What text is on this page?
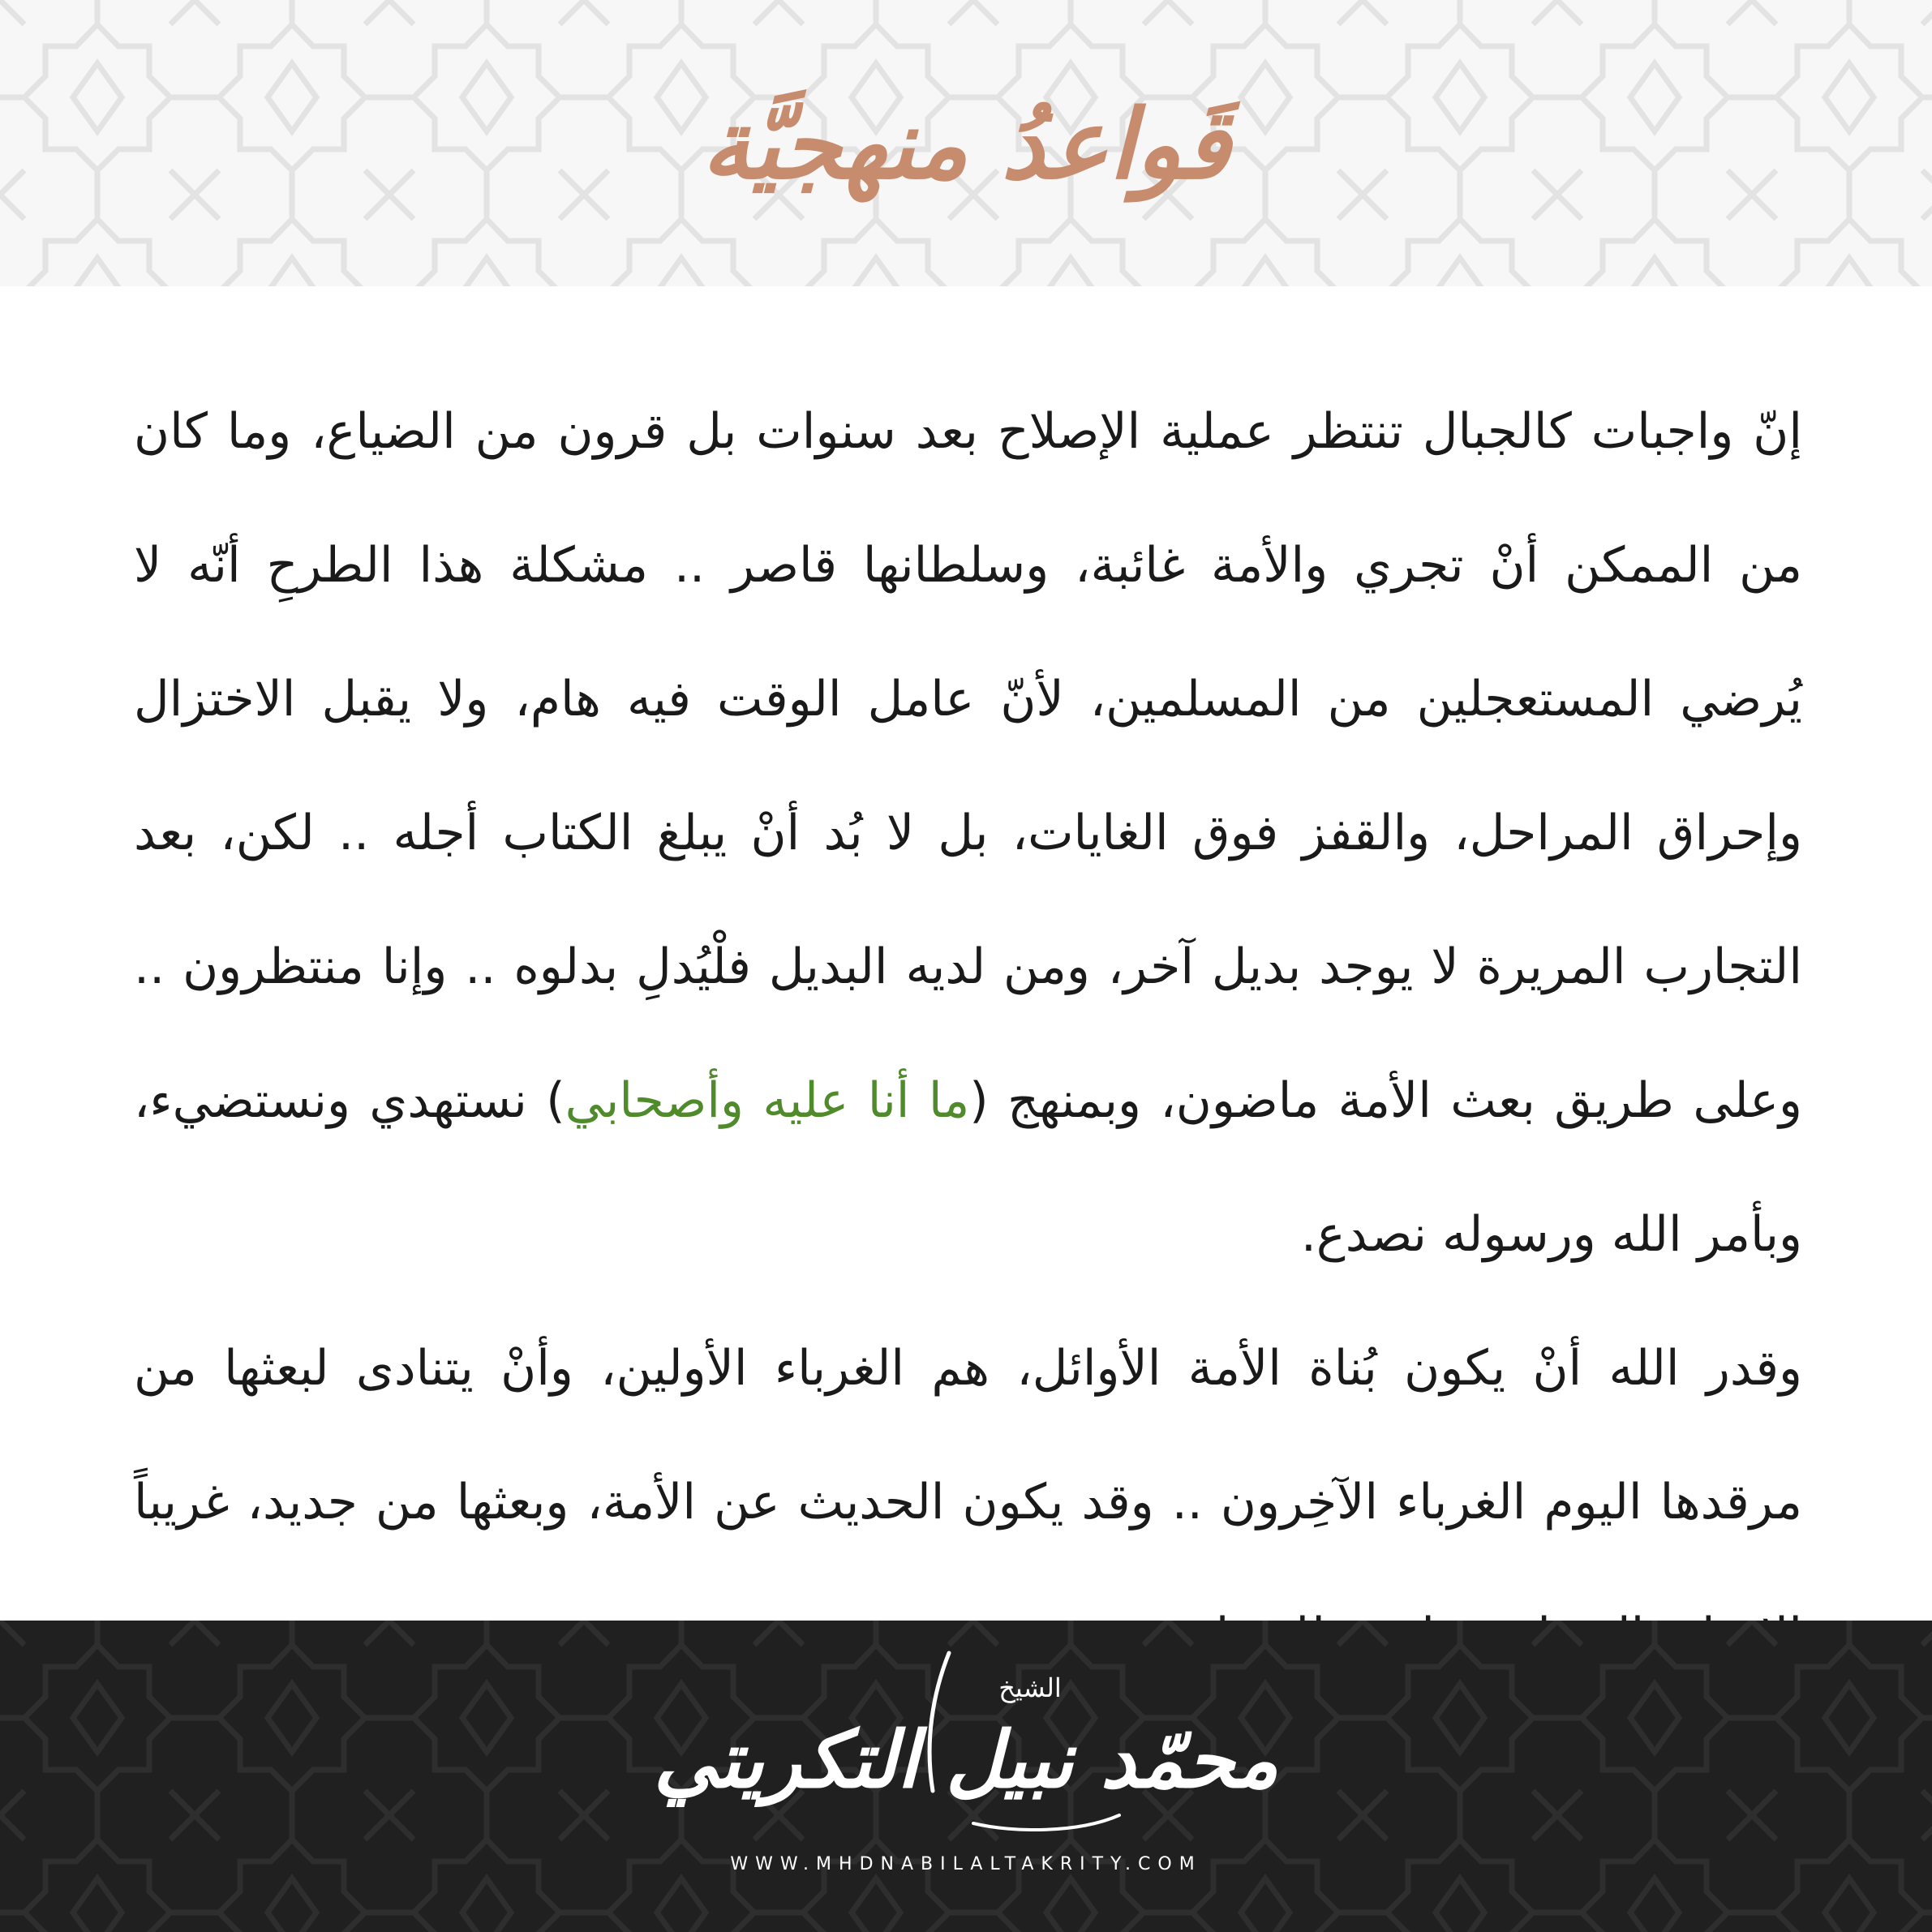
قَواعدُ منهجيَّة

إنّ واجبات كالجبال تنتظر عملية الإصلاح بعد سنوات بل قرون من الضياع، وما كان من الممكن أنْ تجري والأمة غائبة، وسلطانها قاصر .. مشكلة هذا الطرحِ أنّه لا يُرضي المستعجلين من المسلمين، لأنّ عامل الوقت فيه هام، ولا يقبل الاختزال وإحراق المراحل، والقفز فوق الغايات، بل لا بُد أنْ يبلغ الكتاب أجله .. لكن، بعد التجارب المريرة لا يوجد بديل آخر، ومن لديه البديل فلْيُدلِ بدلوه .. وإنا منتظرون .. وعلى طريق بعث الأمة ماضون، وبمنهج (ما أنا عليه وأصحابي) نستهدي ونستضيء، وبأمر الله ورسوله نصدع.

وقدر الله أنْ يكون بُناة الأمة الأوائل، هم الغرباء الأولين، وأنْ يتنادى لبعثها من مرقدها اليوم الغرباء الآخِرون .. وقد يكون الحديث عن الأمة، وبعثها من جديد، غريباً

الشيخ
محمّد نبيل التكريتي
WWW.MHDNABILALTAKRITY.COM
